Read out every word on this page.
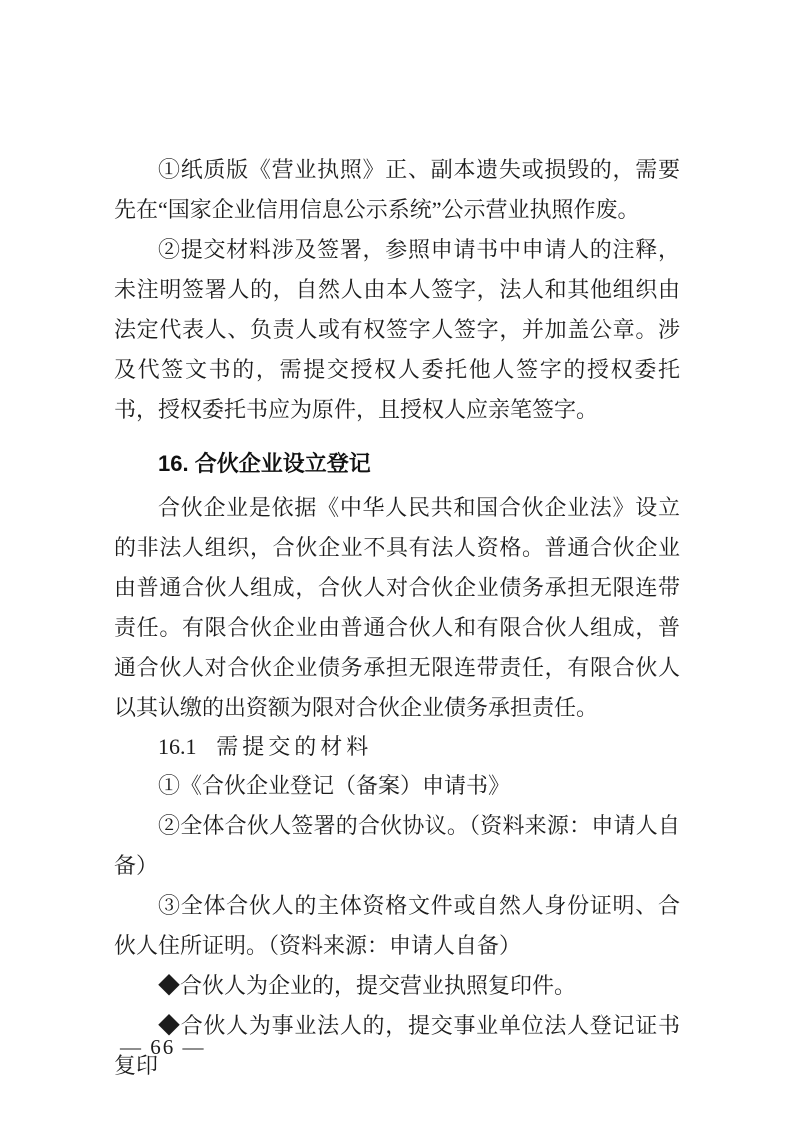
①纸质版《营业执照》正、副本遗失或损毁的，需要先在“国家企业信用信息公示系统”公示营业执照作废。

②提交材料涉及签署，参照申请书中申请人的注释，未注明签署人的，自然人由本人签字，法人和其他组织由法定代表人、负责人或有权签字人签字，并加盖公章。涉及代签文书的，需提交授权人委托他人签字的授权委托书，授权委托书应为原件，且授权人应亲笔签字。

16. 合伙企业设立登记

合伙企业是依据《中华人民共和国合伙企业法》设立的非法人组织，合伙企业不具有法人资格。普通合伙企业由普通合伙人组成，合伙人对合伙企业债务承担无限连带责任。有限合伙企业由普通合伙人和有限合伙人组成，普通合伙人对合伙企业债务承担无限连带责任，有限合伙人以其认缴的出资额为限对合伙企业债务承担责任。

16.1 需提交的材料

①《合伙企业登记（备案）申请书》

②全体合伙人签署的合伙协议。（资料来源：申请人自备）

③全体合伙人的主体资格文件或自然人身份证明、合伙人住所证明。（资料来源：申请人自备）

◆合伙人为企业的，提交营业执照复印件。

◆合伙人为事业法人的，提交事业单位法人登记证书复印

— 66 —
